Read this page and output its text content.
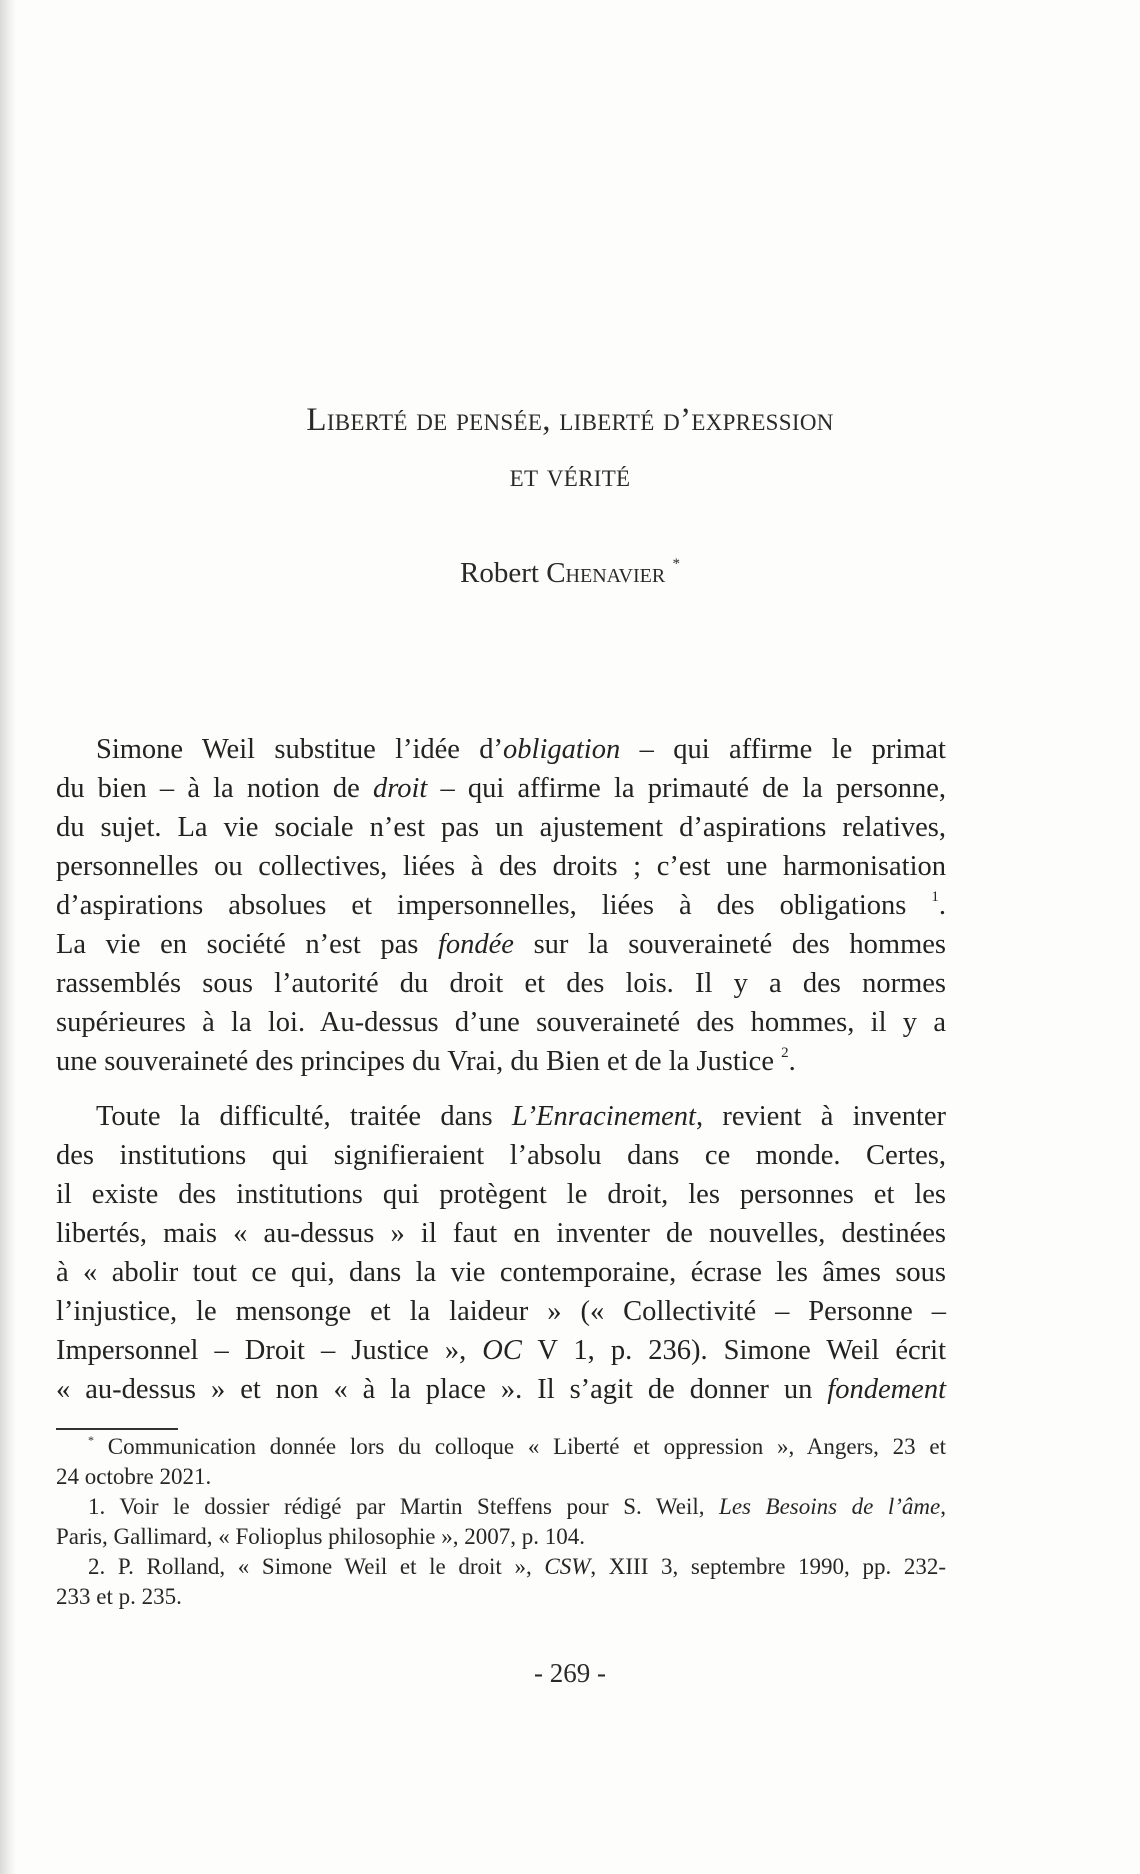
Liberté de pensée, liberté d’expression
et vérité
Robert Chenavier *
Simone Weil substitue l’idée d’obligation – qui affirme le primat
du bien – à la notion de droit – qui affirme la primauté de la personne,
du sujet. La vie sociale n’est pas un ajustement d’aspirations relatives,
personnelles ou collectives, liées à des droits ; c’est une harmonisation
d’aspirations absolues et impersonnelles, liées à des obligations $^1$.
La vie en société n’est pas fondée sur la souveraineté des hommes
rassemblés sous l’autorité du droit et des lois. Il y a des normes
supérieures à la loi. Au-dessus d’une souveraineté des hommes, il y a
une souveraineté des principes du Vrai, du Bien et de la Justice $^2$.
Toute la difficulté, traitée dans L’Enracinement, revient à inventer
des institutions qui signifieraient l’absolu dans ce monde. Certes,
il existe des institutions qui protègent le droit, les personnes et les
libertés, mais « au-dessus » il faut en inventer de nouvelles, destinées
à « abolir tout ce qui, dans la vie contemporaine, écrase les âmes sous
l’injustice, le mensonge et la laideur » (« Collectivité – Personne –
Impersonnel – Droit – Justice », OC V 1, p. 236). Simone Weil écrit
« au-dessus » et non « à la place ». Il s’agit de donner un fondement
* Communication donnée lors du colloque « Liberté et oppression », Angers, 23 et
24 octobre 2021.
1. Voir le dossier rédigé par Martin Steffens pour S. Weil, Les Besoins de l’âme,
Paris, Gallimard, « Folioplus philosophie », 2007, p. 104.
2. P. Rolland, « Simone Weil et le droit », CSW, XIII 3, septembre 1990, pp. 232-
233 et p. 235.
- 269 -
